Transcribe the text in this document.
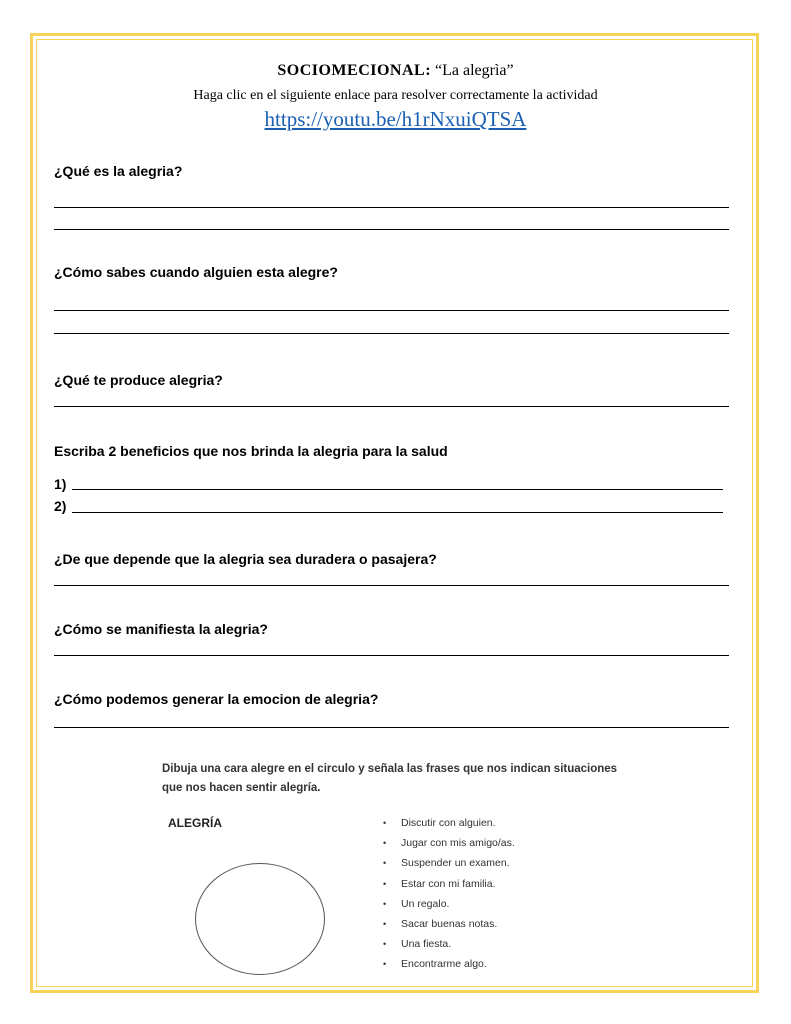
SOCIOMECIONAL: “La alegrìa”
Haga clic en el siguiente enlace para resolver correctamente la actividad
https://youtu.be/h1rNxuiQTSA
¿Qué es la alegria?
¿Cómo sabes cuando alguien esta alegre?
¿Qué te produce alegria?
Escriba 2 beneficios que nos brinda la alegria para la salud
1)
2)
¿De que depende que la alegria sea duradera o pasajera?
¿Cómo se manifiesta la alegria?
¿Cómo podemos generar la emocion de alegria?
Dibuja una cara alegre en el circulo y señala las frases que nos indican situaciones
que nos hacen sentir alegría.
ALEGRÍA
•	Discutir con alguien.
• Jugar con mis amigo/as.
• Suspender un examen.
• Estar con mi familia.
• Un regalo.
• Sacar buenas notas.
• Una fiesta.
• Encontrarme algo.
